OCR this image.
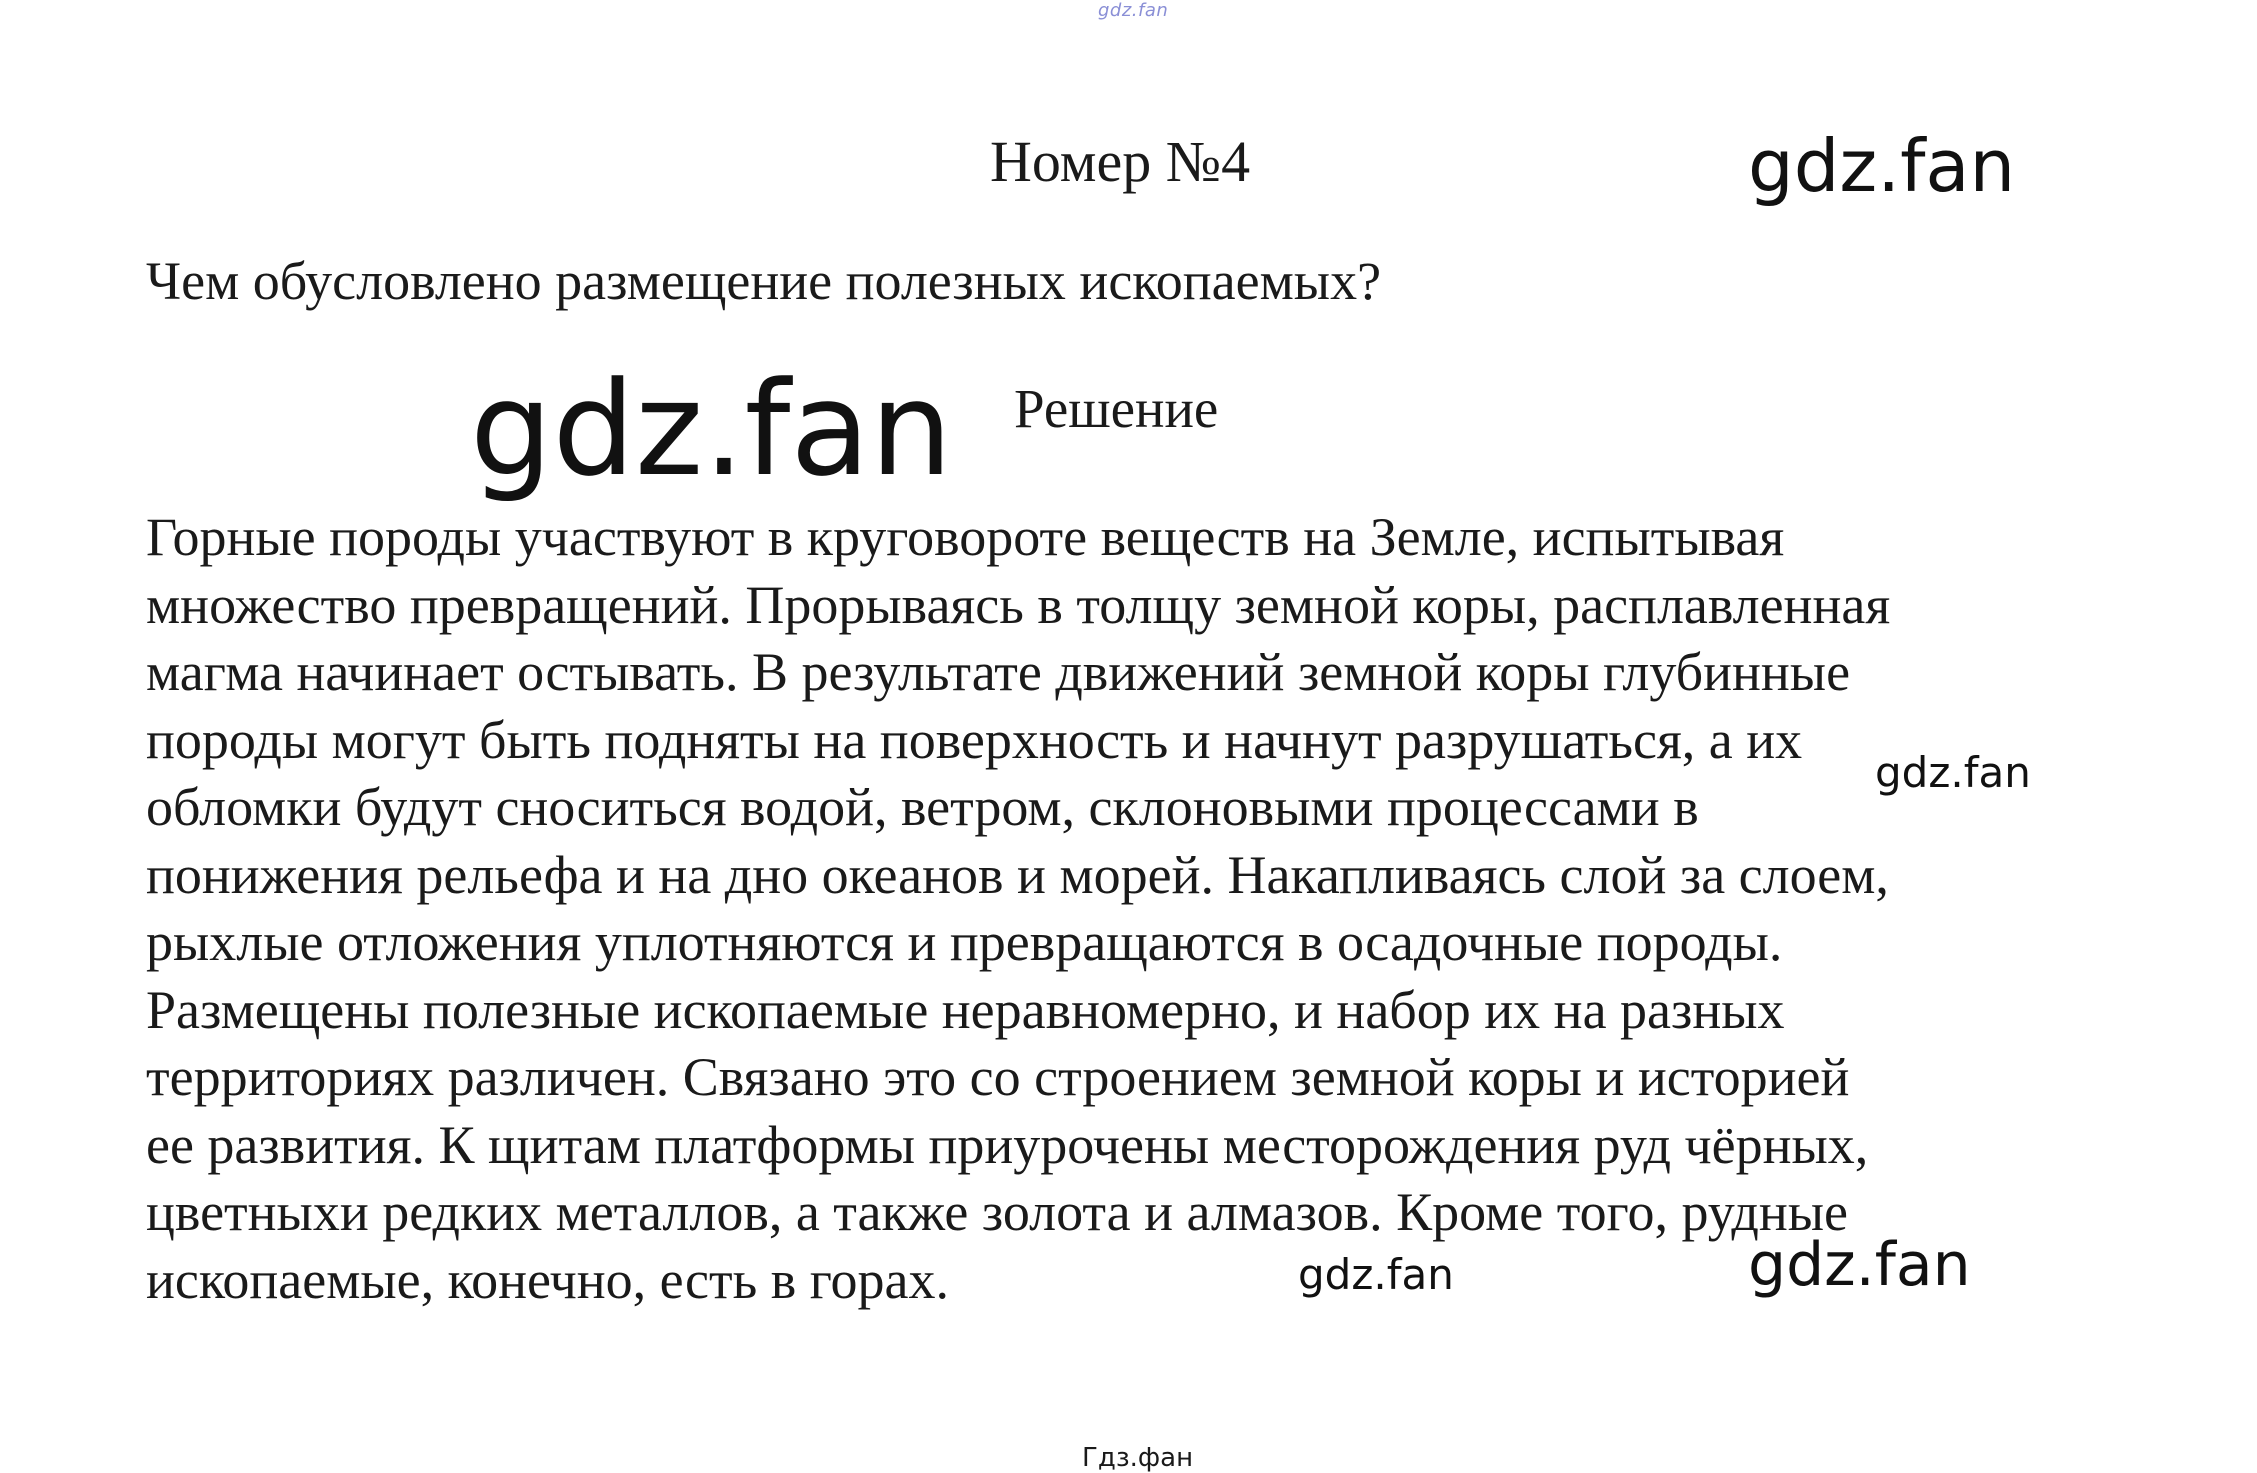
gdz.fan
Номер №4	gdz.fan
Чем обусловлено размещение полезных ископаемых?
gdz.fan Решение
Горные породы участвуют в круговороте веществ на Земле, испытывая
множество превращений. Прорываясь в толщу земной коры, расплавленная
магма начинает остывать. В результате движений земной коры глубинные
породы могут быть подняты на поверхность и начнут разрушаться, а их
обломки будут сноситься водой, ветром, склоновыми процессами в
понижения рельефа и на дно океанов и морей. Накапливаясь слой за слоем,
рыхлые отложения уплотняются и превращаются в осадочные породы.
Размещены полезные ископаемые неравномерно, и набор их на разных
территориях различен. Связано это со строением земной коры и историей
ее развития. К щитам платформы приурочены месторождения руд чёрных,
цветныхи редких металлов, а также золота и алмазов. Кроме того, рудные
ископаемые, конечно, есть в горах.
gdz.fan
gdz.fan	gdz.fan
Гдз.фан
